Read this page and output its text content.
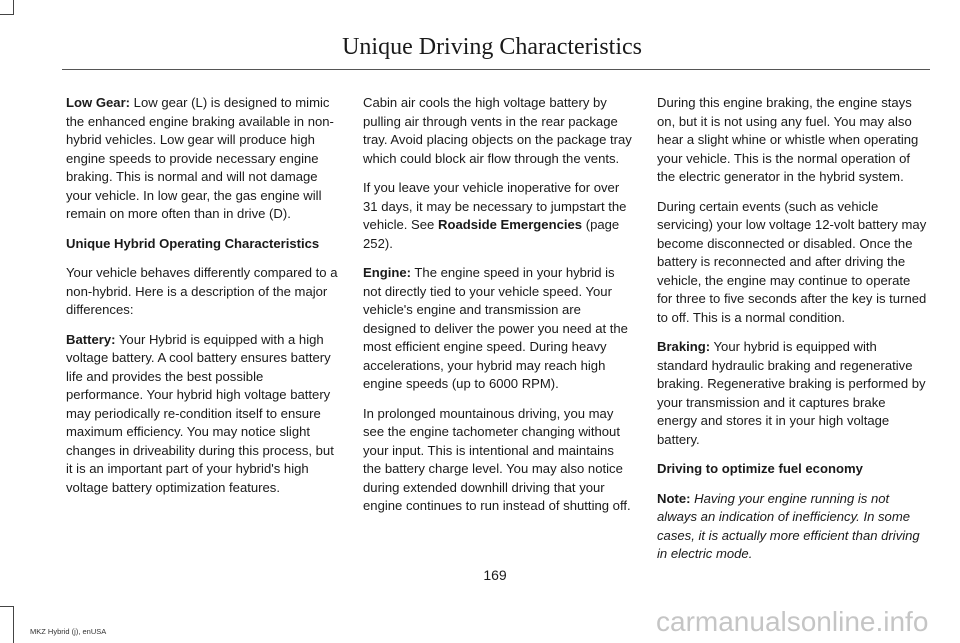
Unique Driving Characteristics

Low Gear: Low gear (L) is designed to mimic the enhanced engine braking available in non-hybrid vehicles. Low gear will produce high engine speeds to provide necessary engine braking. This is normal and will not damage your vehicle. In low gear, the gas engine will remain on more often than in drive (D).

Unique Hybrid Operating Characteristics

Your vehicle behaves differently compared to a non-hybrid. Here is a description of the major differences:

Battery: Your Hybrid is equipped with a high voltage battery. A cool battery ensures battery life and provides the best possible performance. Your hybrid high voltage battery may periodically re-condition itself to ensure maximum efficiency. You may notice slight changes in driveability during this process, but it is an important part of your hybrid's high voltage battery optimization features.

Cabin air cools the high voltage battery by pulling air through vents in the rear package tray. Avoid placing objects on the package tray which could block air flow through the vents.

If you leave your vehicle inoperative for over 31 days, it may be necessary to jumpstart the vehicle. See Roadside Emergencies (page 252).

Engine: The engine speed in your hybrid is not directly tied to your vehicle speed. Your vehicle's engine and transmission are designed to deliver the power you need at the most efficient engine speed. During heavy accelerations, your hybrid may reach high engine speeds (up to 6000 RPM).

In prolonged mountainous driving, you may see the engine tachometer changing without your input. This is intentional and maintains the battery charge level. You may also notice during extended downhill driving that your engine continues to run instead of shutting off.

During this engine braking, the engine stays on, but it is not using any fuel. You may also hear a slight whine or whistle when operating your vehicle. This is the normal operation of the electric generator in the hybrid system.

During certain events (such as vehicle servicing) your low voltage 12-volt battery may become disconnected or disabled. Once the battery is reconnected and after driving the vehicle, the engine may continue to operate for three to five seconds after the key is turned to off. This is a normal condition.

Braking: Your hybrid is equipped with standard hydraulic braking and regenerative braking. Regenerative braking is performed by your transmission and it captures brake energy and stores it in your high voltage battery.

Driving to optimize fuel economy

Note: Having your engine running is not always an indication of inefficiency. In some cases, it is actually more efficient than driving in electric mode.

169
MKZ Hybrid (j), enUSA	carmanualsonline.info
